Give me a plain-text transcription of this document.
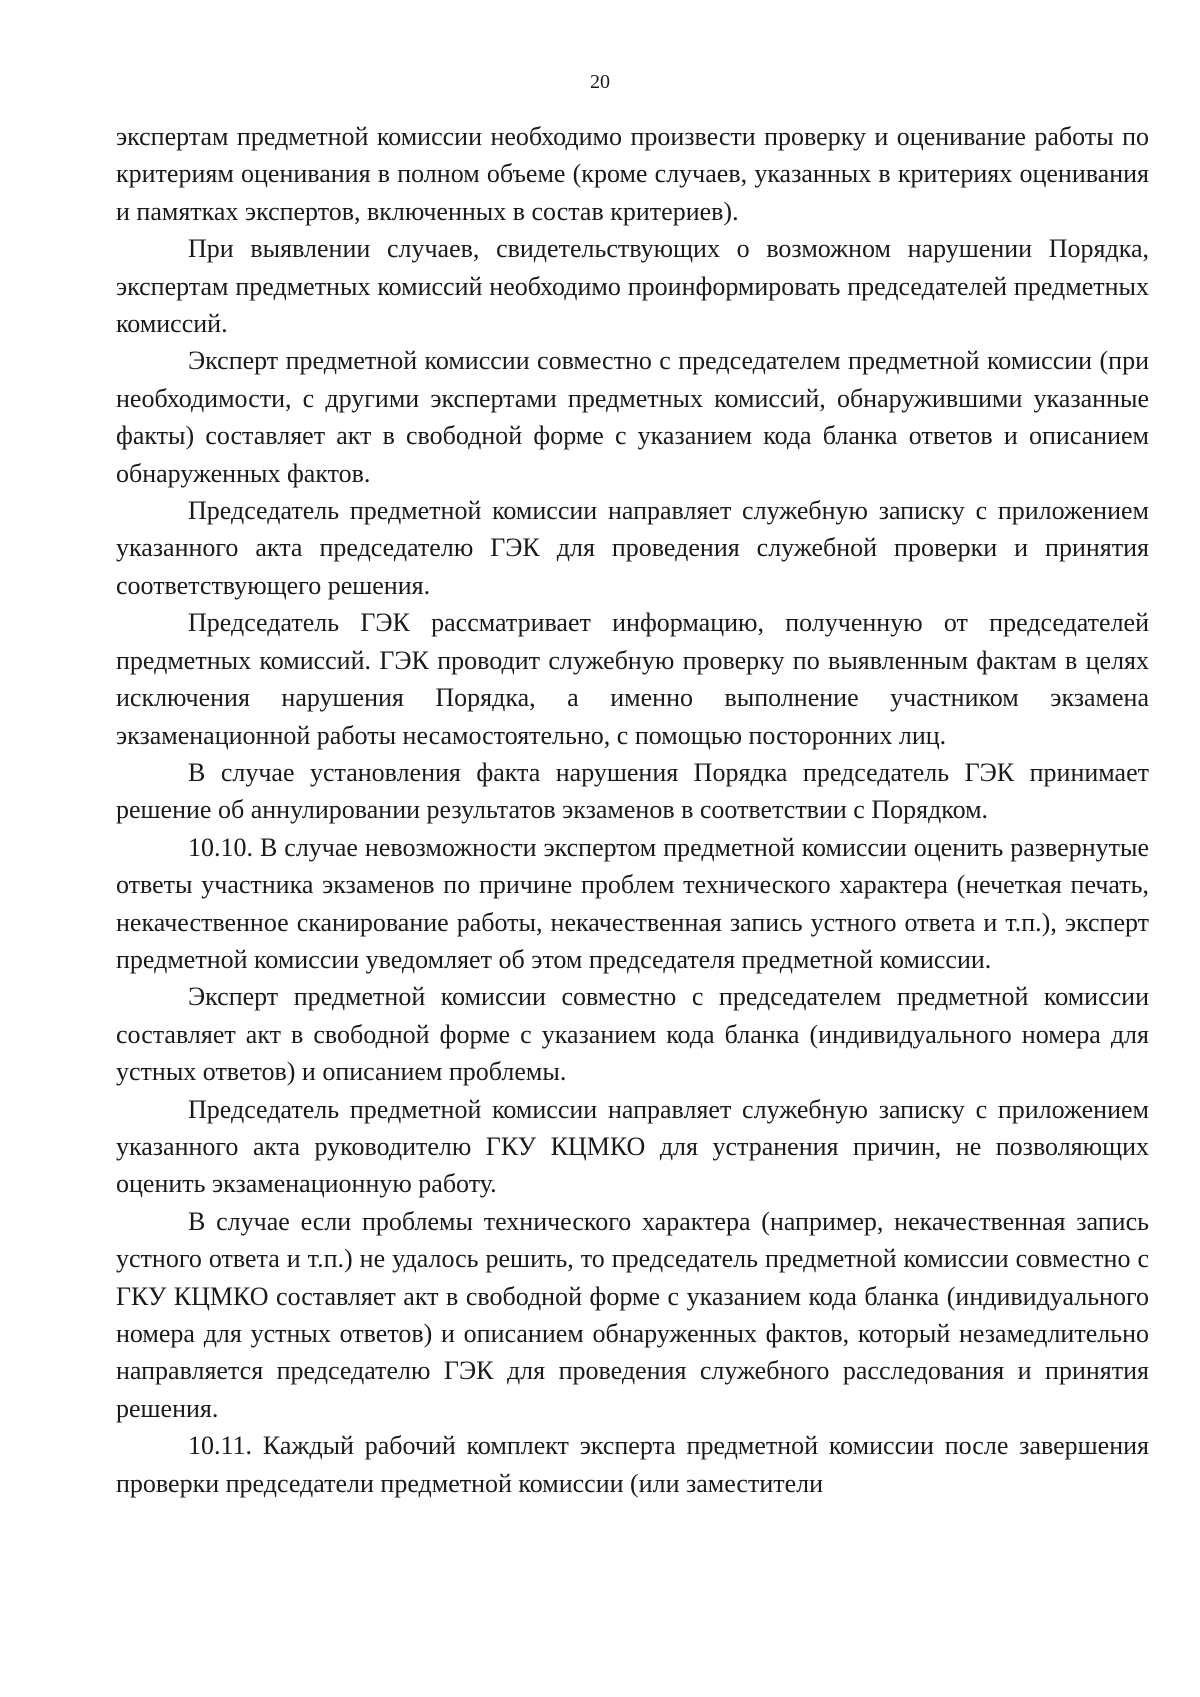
20

экспертам предметной комиссии необходимо произвести проверку и оценивание работы по критериям оценивания в полном объеме (кроме случаев, указанных в критериях оценивания и памятках экспертов, включенных в состав критериев).

При выявлении случаев, свидетельствующих о возможном нарушении Порядка, экспертам предметных комиссий необходимо проинформировать председателей предметных комиссий.

Эксперт предметной комиссии совместно с председателем предметной комиссии (при необходимости, с другими экспертами предметных комиссий, обнаружившими указанные факты) составляет акт в свободной форме с указанием кода бланка ответов и описанием обнаруженных фактов.

Председатель предметной комиссии направляет служебную записку с приложением указанного акта председателю ГЭК для проведения служебной проверки и принятия соответствующего решения.

Председатель ГЭК рассматривает информацию, полученную от председателей предметных комиссий. ГЭК проводит служебную проверку по выявленным фактам в целях исключения нарушения Порядка, а именно выполнение участником экзамена экзаменационной работы несамостоятельно, с помощью посторонних лиц.

В случае установления факта нарушения Порядка председатель ГЭК принимает решение об аннулировании результатов экзаменов в соответствии с Порядком.

10.10. В случае невозможности экспертом предметной комиссии оценить развернутые ответы участника экзаменов по причине проблем технического характера (нечеткая печать, некачественное сканирование работы, некачественная запись устного ответа и т.п.), эксперт предметной комиссии уведомляет об этом председателя предметной комиссии.

Эксперт предметной комиссии совместно с председателем предметной комиссии составляет акт в свободной форме с указанием кода бланка (индивидуального номера для устных ответов) и описанием проблемы.

Председатель предметной комиссии направляет служебную записку с приложением указанного акта руководителю ГКУ КЦМКО для устранения причин, не позволяющих оценить экзаменационную работу.

В случае если проблемы технического характера (например, некачественная запись устного ответа и т.п.) не удалось решить, то председатель предметной комиссии совместно с ГКУ КЦМКО составляет акт в свободной форме с указанием кода бланка (индивидуального номера для устных ответов) и описанием обнаруженных фактов, который незамедлительно направляется председателю ГЭК для проведения служебного расследования и принятия решения.

10.11. Каждый рабочий комплект эксперта предметной комиссии после завершения проверки председатели предметной комиссии (или заместители
